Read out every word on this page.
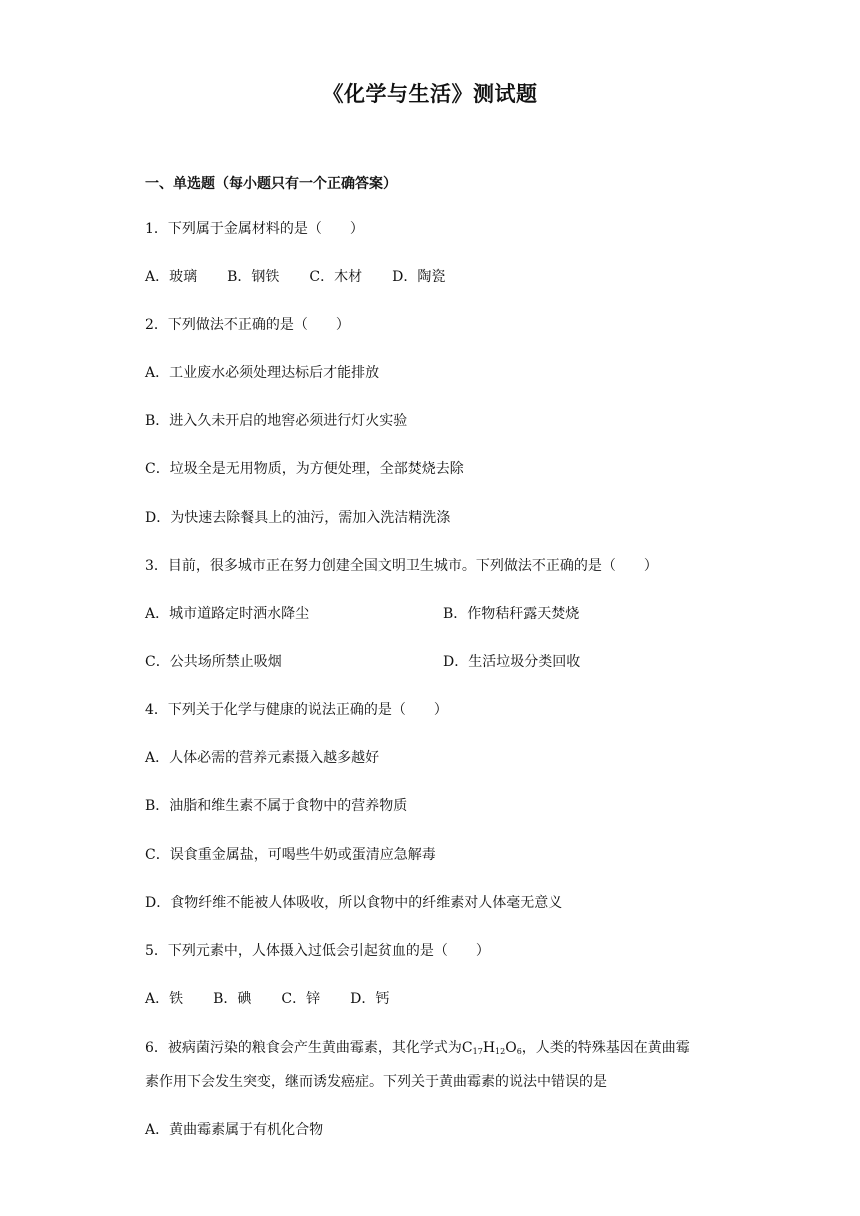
《化学与生活》测试题
一、单选题（每小题只有一个正确答案）
1．下列属于金属材料的是（　　）
A．玻璃 B．钢铁 C．木材 D．陶瓷
2．下列做法不正确的是（　　）
A．工业废水必须处理达标后才能排放
B．进入久未开启的地窖必须进行灯火实验
C．垃圾全是无用物质，为方便处理，全部焚烧去除
D．为快速去除餐具上的油污，需加入洗洁精洗涤
3．目前，很多城市正在努力创建全国文明卫生城市。下列做法不正确的是（　　）
A．城市道路定时洒水降尘	B．作物秸秆露天焚烧
C．公共场所禁止吸烟	D．生活垃圾分类回收
4．下列关于化学与健康的说法正确的是（　　）
A．人体必需的营养元素摄入越多越好
B．油脂和维生素不属于食物中的营养物质
C．误食重金属盐，可喝些牛奶或蛋清应急解毒
D．食物纤维不能被人体吸收，所以食物中的纤维素对人体毫无意义
5．下列元素中，人体摄入过低会引起贫血的是（　　）
A．铁 B．碘 C．锌 D．钙
6．被病菌污染的粮食会产生黄曲霉素，其化学式为$C_{17}H_{12}O_6$，人类的特殊基因在黄曲霉
素作用下会发生突变，继而诱发癌症。下列关于黄曲霉素的说法中错误的是
A．黄曲霉素属于有机化合物
